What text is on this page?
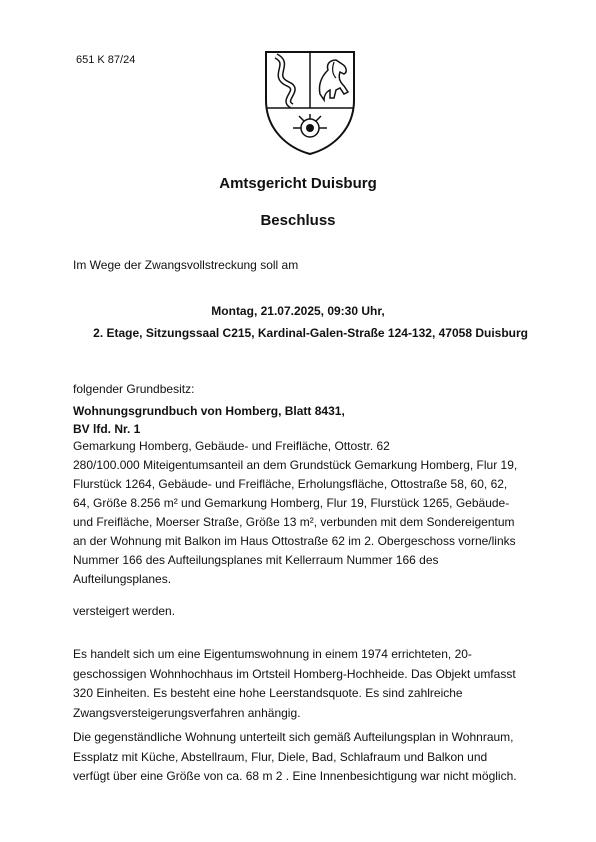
651 K 87/24
Amtsgericht Duisburg
Beschluss
Im Wege der Zwangsvollstreckung soll am
Montag, 21.07.2025, 09:30 Uhr,
2. Etage, Sitzungssaal C215, Kardinal-Galen-Straße 124-132, 47058 Duisburg
folgender Grundbesitz:
Wohnungsgrundbuch von Homberg, Blatt 8431,
BV lfd. Nr. 1
Gemarkung Homberg, Gebäude- und Freifläche, Ottostr. 62
280/100.000 Miteigentumsanteil an dem Grundstück Gemarkung Homberg, Flur 19,
Flurstück 1264, Gebäude- und Freifläche, Erholungsfläche, Ottostraße 58, 60, 62,
64, Größe 8.256 m² und Gemarkung Homberg, Flur 19, Flurstück 1265, Gebäude-
und Freifläche, Moerser Straße, Größe 13 m², verbunden mit dem Sondereigentum
an der Wohnung mit Balkon im Haus Ottostraße 62 im 2. Obergeschoss vorne/links
Nummer 166 des Aufteilungsplanes mit Kellerraum Nummer 166 des
Aufteilungsplanes.
versteigert werden.
Es handelt sich um eine Eigentumswohnung in einem 1974 errichteten, 20-
geschossigen Wohnhochhaus im Ortsteil Homberg-Hochheide. Das Objekt umfasst
320 Einheiten. Es besteht eine hohe Leerstandsquote. Es sind zahlreiche
Zwangsversteigerungsverfahren anhängig.
Die gegenständliche Wohnung unterteilt sich gemäß Aufteilungsplan in Wohnraum,
Essplatz mit Küche, Abstellraum, Flur, Diele, Bad, Schlafraum und Balkon und
verfügt über eine Größe von ca. 68 m 2 . Eine Innenbesichtigung war nicht möglich.
